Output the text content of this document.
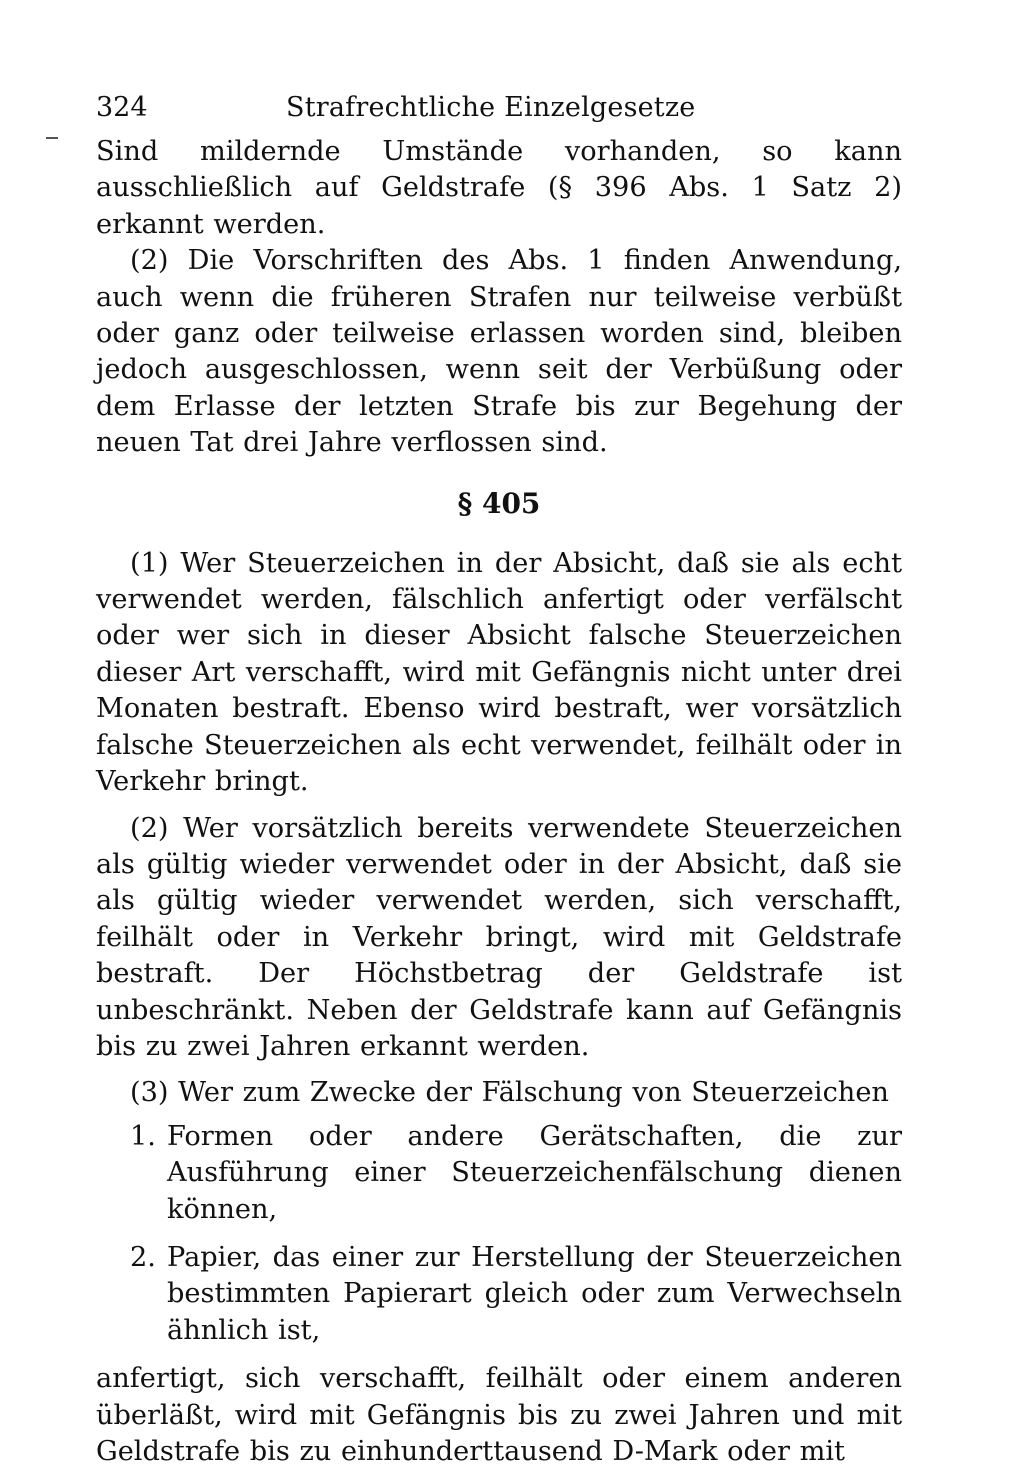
324	Strafrechtliche Einzelgesetze

Sind mildernde Umstände vorhanden, so kann ausschließlich auf Geldstrafe (§ 396 Abs. 1 Satz 2) erkannt werden.

(2) Die Vorschriften des Abs. 1 finden Anwendung, auch wenn die früheren Strafen nur teilweise verbüßt oder ganz oder teilweise erlassen worden sind, bleiben jedoch ausgeschlossen, wenn seit der Verbüßung oder dem Erlasse der letzten Strafe bis zur Begehung der neuen Tat drei Jahre verflossen sind.

§ 405

(1) Wer Steuerzeichen in der Absicht, daß sie als echt verwendet werden, fälschlich anfertigt oder verfälscht oder wer sich in dieser Absicht falsche Steuerzeichen dieser Art verschafft, wird mit Gefängnis nicht unter drei Monaten bestraft. Ebenso wird bestraft, wer vorsätzlich falsche Steuerzeichen als echt verwendet, feilhält oder in Verkehr bringt.

(2) Wer vorsätzlich bereits verwendete Steuerzeichen als gültig wieder verwendet oder in der Absicht, daß sie als gültig wieder verwendet werden, sich verschafft, feilhält oder in Verkehr bringt, wird mit Geldstrafe bestraft. Der Höchstbetrag der Geldstrafe ist unbeschränkt. Neben der Geldstrafe kann auf Gefängnis bis zu zwei Jahren erkannt werden.

(3) Wer zum Zwecke der Fälschung von Steuerzeichen

1. Formen oder andere Gerätschaften, die zur Ausführung einer Steuerzeichenfälschung dienen können,
2. Papier, das einer zur Herstellung der Steuerzeichen bestimmten Papierart gleich oder zum Verwechseln ähnlich ist,

anfertigt, sich verschafft, feilhält oder einem anderen überläßt, wird mit Gefängnis bis zu zwei Jahren und mit Geldstrafe bis zu einhunderttausend D-Mark oder mit
